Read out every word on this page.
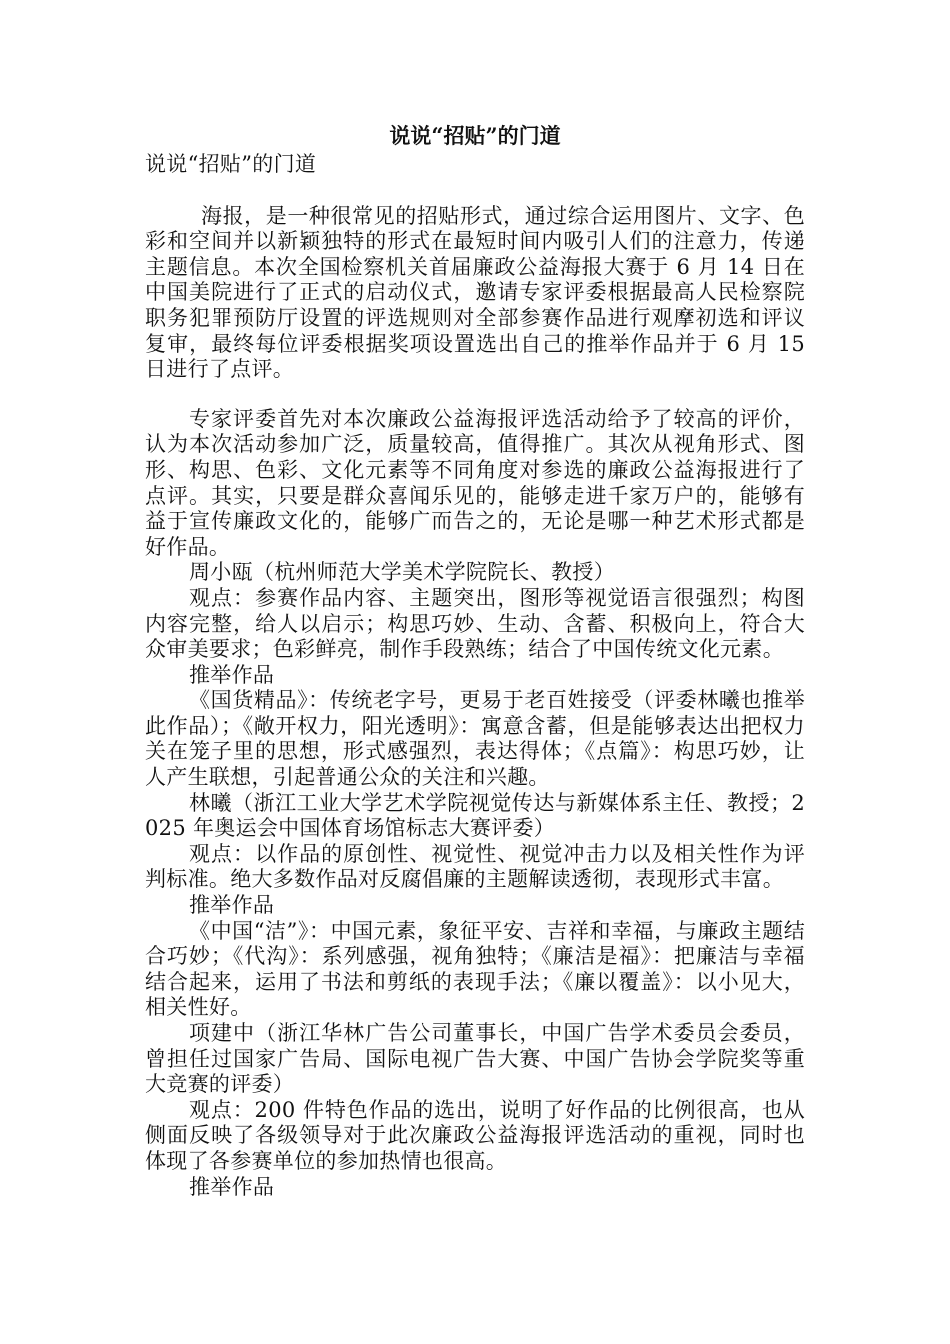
说说“招贴”的门道

说说“招贴”的门道

海报，是一种很常见的招贴形式，通过综合运用图片、文字、色彩和空间并以新颖独特的形式在最短时间内吸引人们的注意力，传递主题信息。本次全国检察机关首届廉政公益海报大赛于 6 月 14 日在中国美院进行了正式的启动仪式，邀请专家评委根据最高人民检察院职务犯罪预防厅设置的评选规则对全部参赛作品进行观摩初选和评议复审，最终每位评委根据奖项设置选出自己的推举作品并于 6 月 15 日进行了点评。

专家评委首先对本次廉政公益海报评选活动给予了较高的评价，认为本次活动参加广泛，质量较高，值得推广。其次从视角形式、图形、构思、色彩、文化元素等不同角度对参选的廉政公益海报进行了点评。其实，只要是群众喜闻乐见的，能够走进千家万户的，能够有益于宣传廉政文化的，能够广而告之的，无论是哪一种艺术形式都是好作品。

周小瓯（杭州师范大学美术学院院长、教授）

观点：参赛作品内容、主题突出，图形等视觉语言很强烈；构图内容完整，给人以启示；构思巧妙、生动、含蓄、积极向上，符合大众审美要求；色彩鲜亮，制作手段熟练；结合了中国传统文化元素。

推举作品

《国货精品》：传统老字号，更易于老百姓接受（评委林曦也推举此作品）；《敞开权力，阳光透明》：寓意含蓄，但是能够表达出把权力关在笼子里的思想，形式感强烈，表达得体；《点篇》：构思巧妙，让人产生联想，引起普通公众的关注和兴趣。

林曦（浙江工业大学艺术学院视觉传达与新媒体系主任、教授；2025 年奥运会中国体育场馆标志大赛评委）

观点：以作品的原创性、视觉性、视觉冲击力以及相关性作为评判标准。绝大多数作品对反腐倡廉的主题解读透彻，表现形式丰富。

推举作品

《中国“洁”》：中国元素，象征平安、吉祥和幸福，与廉政主题结合巧妙；《代沟》：系列感强，视角独特；《廉洁是福》：把廉洁与幸福结合起来，运用了书法和剪纸的表现手法；《廉以覆盖》：以小见大，相关性好。

项建中（浙江华林广告公司董事长，中国广告学术委员会委员，曾担任过国家广告局、国际电视广告大赛、中国广告协会学院奖等重大竞赛的评委）

观点：200 件特色作品的选出，说明了好作品的比例很高，也从侧面反映了各级领导对于此次廉政公益海报评选活动的重视，同时也体现了各参赛单位的参加热情也很高。

推举作品
